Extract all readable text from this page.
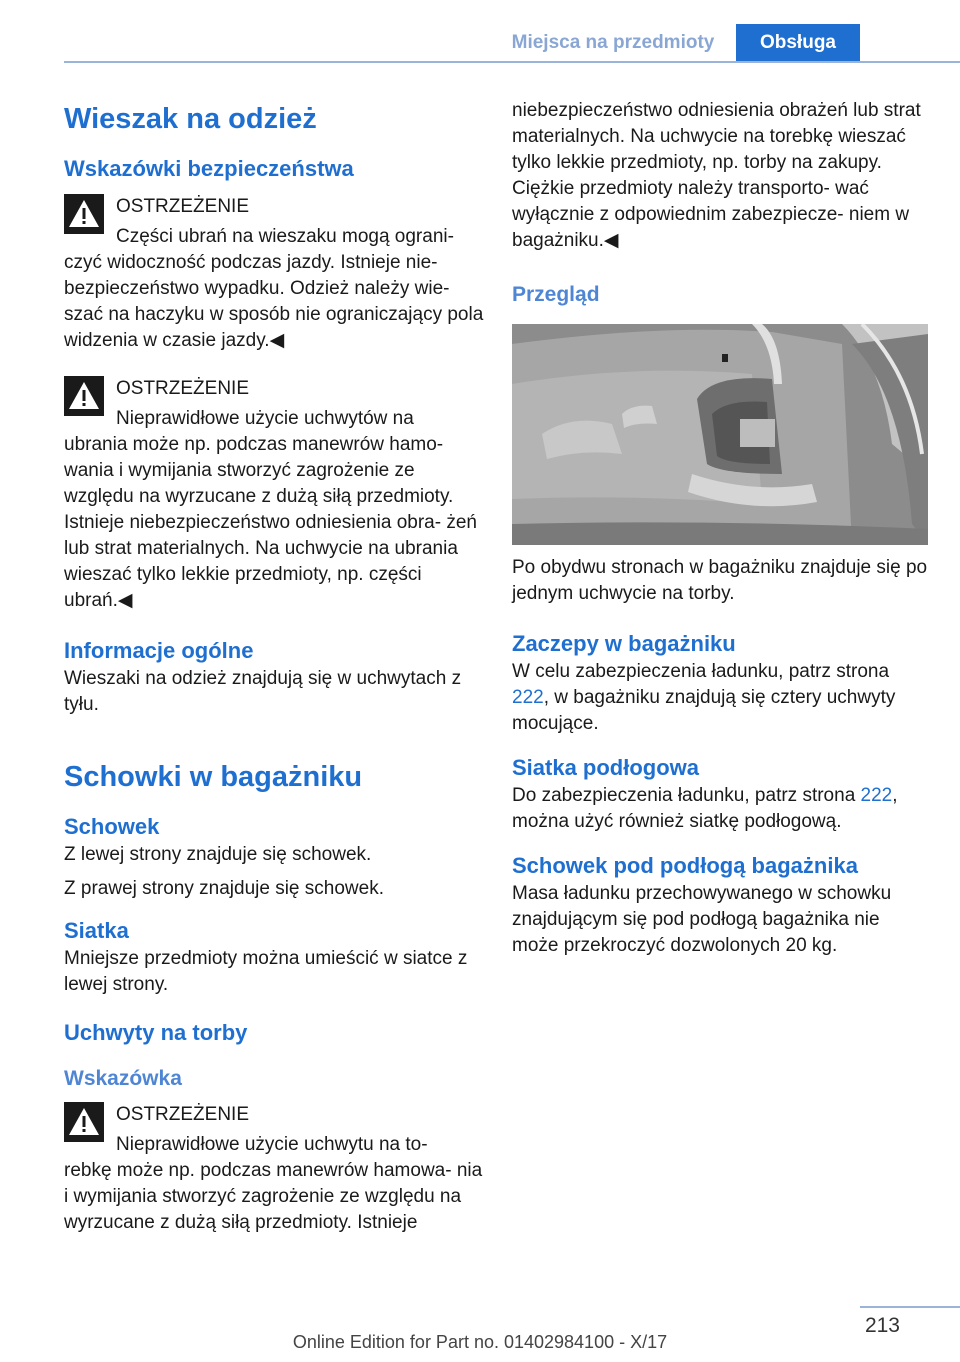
Miejsca na przedmioty	Obsługa
Wieszak na odzież
Wskazówki bezpieczeństwa
OSTRZEŻENIE
Części ubrań na wieszaku mogą ograni‐
czyć widoczność podczas jazdy. Istnieje nie‐ bezpieczeństwo wypadku. Odzież należy wie‐ szać na haczyku w sposób nie ograniczający pola widzenia w czasie jazdy.◀
OSTRZEŻENIE
Nieprawidłowe użycie uchwytów na
ubrania może np. podczas manewrów hamo‐ wania i wymijania stworzyć zagrożenie ze względu na wyrzucane z dużą siłą przedmioty. Istnieje niebezpieczeństwo odniesienia obra‐ żeń lub strat materialnych. Na uchwycie na ubrania wieszać tylko lekkie przedmioty, np. części ubrań.◀
Informacje ogólne
Wieszaki na odzież znajdują się w uchwytach z tyłu.
Schowki w bagażniku
Schowek
Z lewej strony znajduje się schowek.
Z prawej strony znajduje się schowek.
Siatka
Mniejsze przedmioty można umieścić w siatce z lewej strony.
Uchwyty na torby
Wskazówka
OSTRZEŻENIE
Nieprawidłowe użycie uchwytu na to‐
rebkę może np. podczas manewrów hamowa‐ nia i wymijania stworzyć zagrożenie ze względu na wyrzucane z dużą siłą przedmioty. Istnieje
niebezpieczeństwo odniesienia obrażeń lub strat materialnych. Na uchwycie na torebkę wieszać tylko lekkie przedmioty, np. torby na zakupy. Ciężkie przedmioty należy transporto‐ wać wyłącznie z odpowiednim zabezpiecze‐ niem w bagażniku.◀
Przegląd
Po obydwu stronach w bagażniku znajduje się po jednym uchwycie na torby.
Zaczepy w bagażniku
W celu zabezpieczenia ładunku, patrz strona 222, w bagażniku znajdują się cztery uchwyty mocujące.
Siatka podłogowa
Do zabezpieczenia ładunku, patrz strona 222, można użyć również siatkę podłogową.
Schowek pod podłogą bagażnika
Masa ładunku przechowywanego w schowku znajdującym się pod podłogą bagażnika nie może przekroczyć dozwolonych 20 kg.
213
Online Edition for Part no. 01402984100 - X/17
